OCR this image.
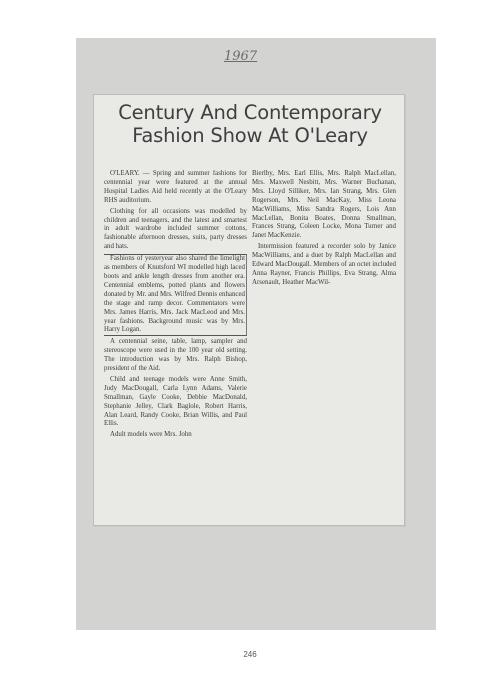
1967
Century And Contemporary Fashion Show At O'Leary

O'LEARY. — Spring and summer fashions for centennial year were featured at the annual Hospital Ladies Aid held recently at the O'Leary RHS auditorium.

Clothing for all occasions was modelled by children and teenagers, and the latest and smartest in adult wardrobe included summer cottons, fashionable afternoon dresses, suits, party dresses and hats.

Fashions of yesteryear also shared the limelight as members of Knutsford WI modelled high laced boots and ankle length dresses from another era. Centennial emblems, potted plants and flowers donated by Mr. and Mrs. Wilfred Dennis enhanced the stage and ramp decor. Commentators were Mrs. James Harris, Mrs. Jack MacLeod and Mrs. year fashions. Background music was by Mrs. Harry Logan.

A centennial seine, table, lamp, sampler and stereoscope were used in the 100 year old setting. The introduction was by Mrs. Ralph Bishop, president of the Aid.

Child and teenage models were Anne Smith, Judy MacDougall, Carla Lynn Adams, Valerie Smallman, Gayle Cooke, Debbie MacDonald, Stephanie Jelley, Clark Baglole, Robert Harris, Alan Leard, Randy Cooke, Brian Willis, and Paul Ellis.

Adult models were Mrs. John

Bierlby, Mrs. Earl Ellis, Mrs. Ralph MacLellan, Mrs. Maxwell Nesbitt, Mrs. Warner Buchanan, Mrs. Lloyd Silliker, Mrs. Ian Strang, Mrs. Glen Rogerson, Mrs. Neil MacKay, Miss Leona MacWilliams, Miss Sandra Rogers, Lois Ann MacLellan, Bonita Boates, Donna Smallman, Frances Strang, Coleen Locke, Mona Turner and Janet MacKenzie.

Intermission featured a recorder solo by Janice MacWilliams, and a duet by Ralph MacLellan and Edward MacDougall. Members of an octet included Anna Rayner, Francis Phillips, Eva Strang, Alma Arsenault, Heather MacWil-

246
